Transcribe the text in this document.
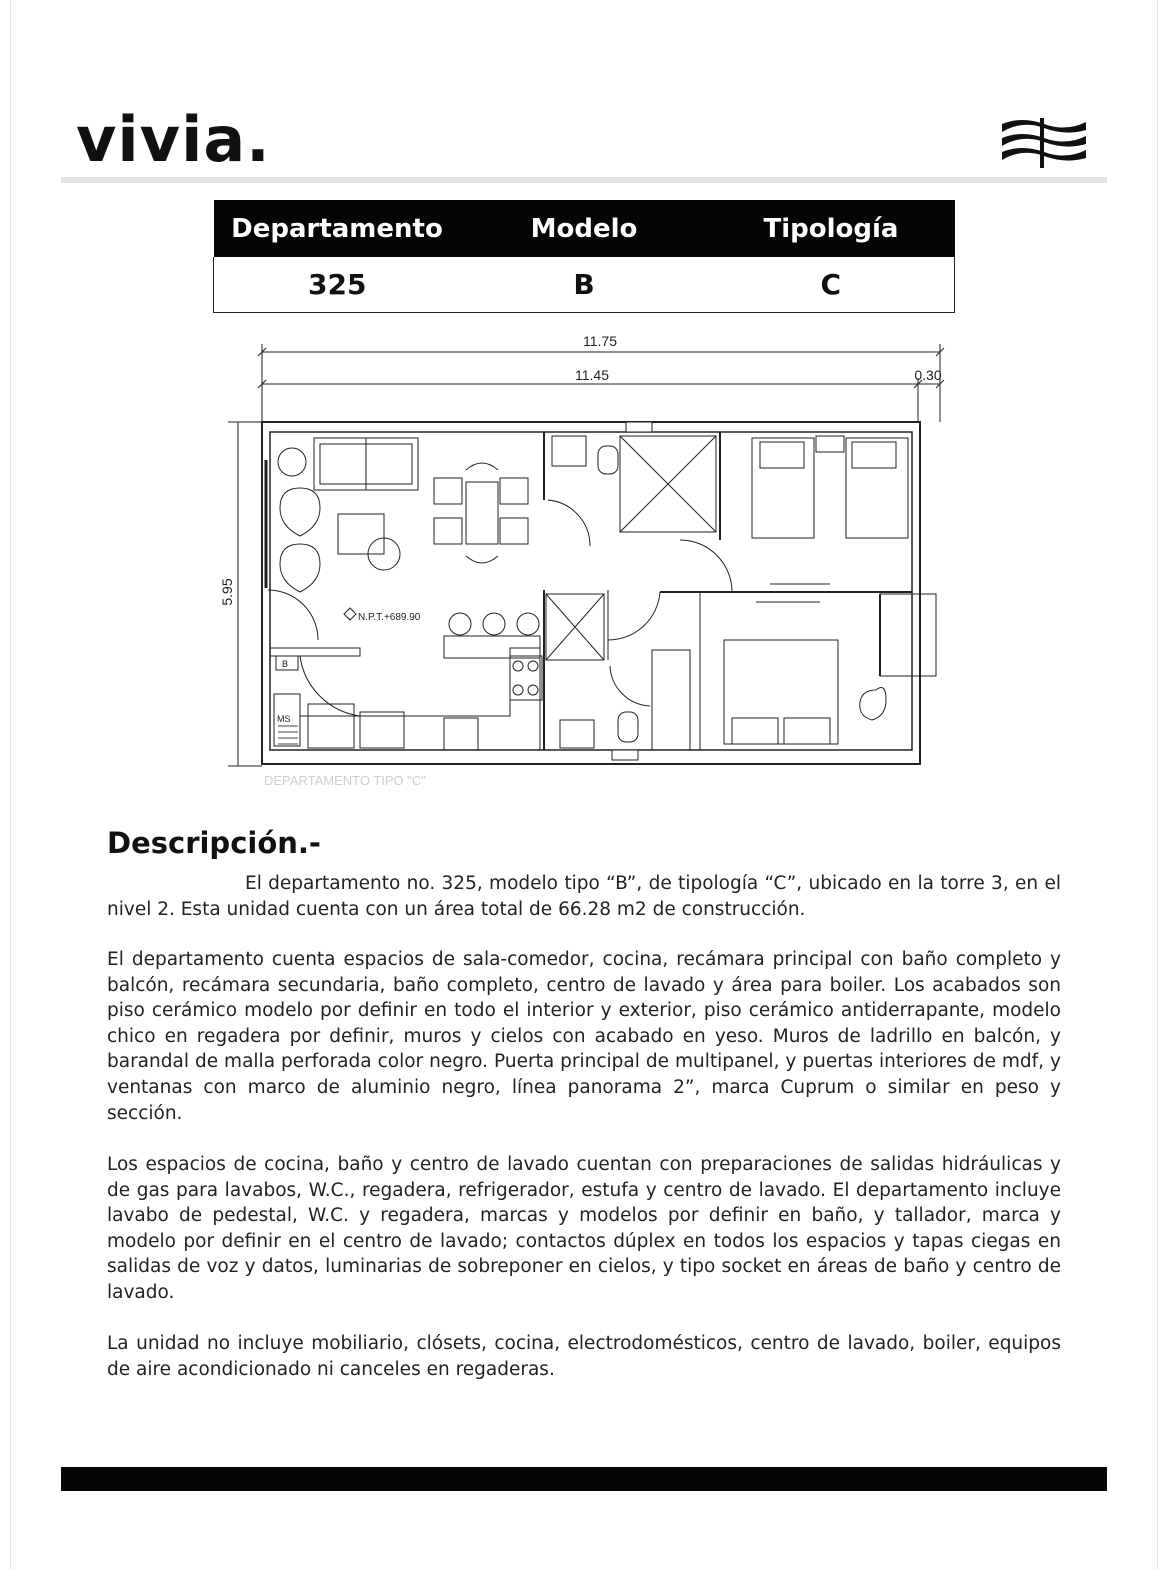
vivia.
Departamento	Modelo	Tipología
325	B	C
11.75
11.45	0.30
5.95
N.P.T.+689.90
B
MS
DEPARTAMENTO TIPO "C"
Descripción.-

El departamento no. 325, modelo tipo “B”, de tipología “C”, ubicado en la torre 3, en el nivel 2. Esta unidad cuenta con un área total de 66.28 m2 de construcción.

El departamento cuenta espacios de sala-comedor, cocina, recámara principal con baño completo y balcón, recámara secundaria, baño completo, centro de lavado y área para boiler. Los acabados son piso cerámico modelo por definir en todo el interior y exterior, piso cerámico antiderrapante, modelo chico en regadera por definir, muros y cielos con acabado en yeso. Muros de ladrillo en balcón, y barandal de malla perforada color negro. Puerta principal de multipanel, y puertas interiores de mdf, y ventanas con marco de aluminio negro, línea panorama 2”, marca Cuprum o similar en peso y sección.

Los espacios de cocina, baño y centro de lavado cuentan con preparaciones de salidas hidráulicas y de gas para lavabos, W.C., regadera, refrigerador, estufa y centro de lavado. El departamento incluye lavabo de pedestal, W.C. y regadera, marcas y modelos por definir en baño, y tallador, marca y modelo por definir en el centro de lavado; contactos dúplex en todos los espacios y tapas ciegas en salidas de voz y datos, luminarias de sobreponer en cielos, y tipo socket en áreas de baño y centro de lavado.

La unidad no incluye mobiliario, clósets, cocina, electrodomésticos, centro de lavado, boiler, equipos de aire acondicionado ni canceles en regaderas.
